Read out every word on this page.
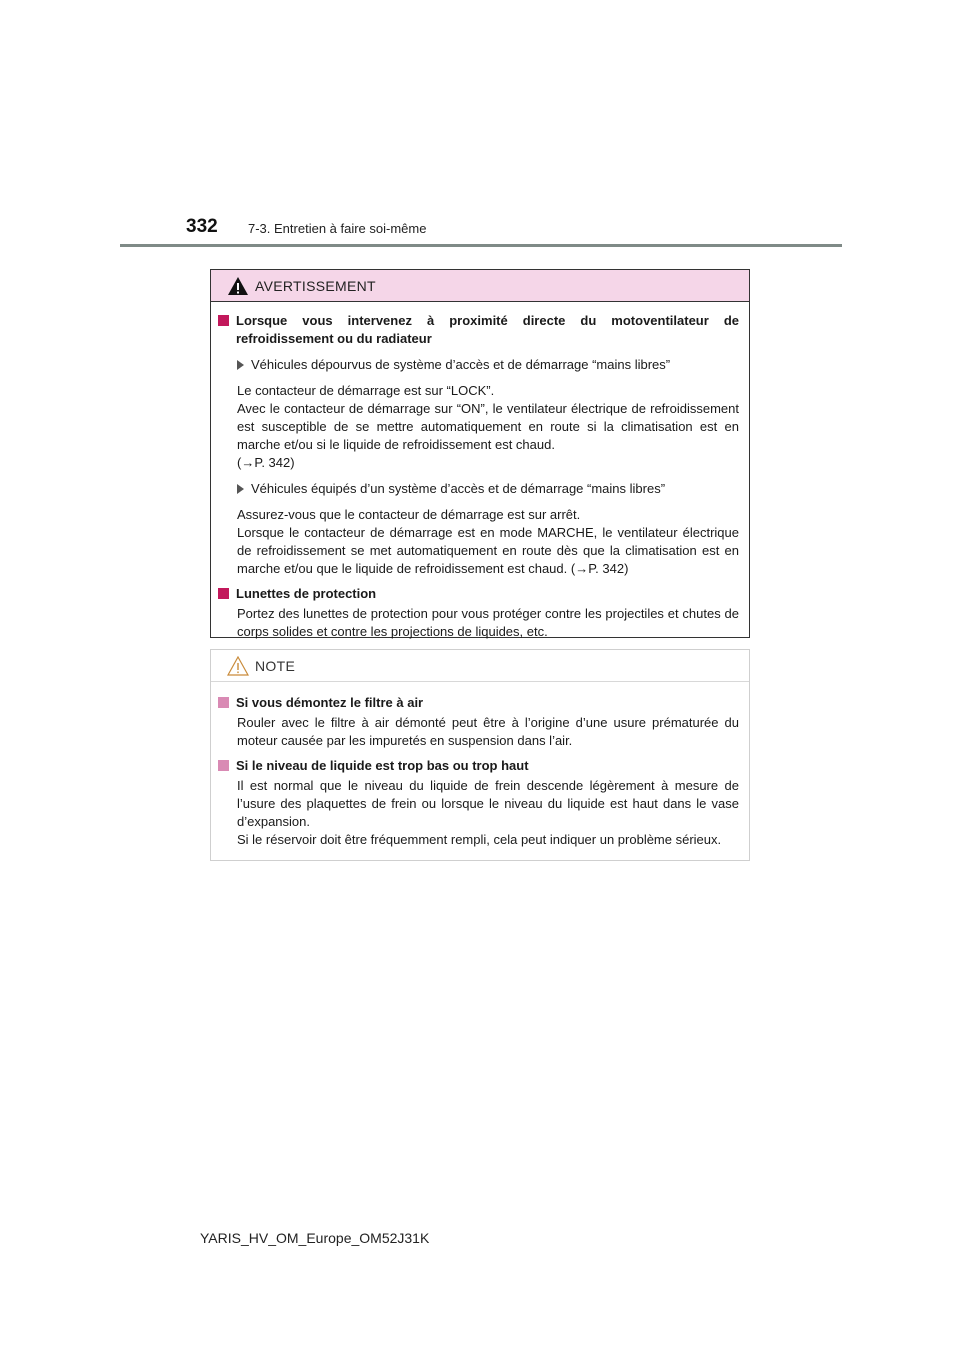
332 7-3. Entretien à faire soi-même
AVERTISSEMENT
Lorsque vous intervenez à proximité directe du motoventilateur de refroidissement ou du radiateur
Véhicules dépourvus de système d’accès et de démarrage “mains libres”
Le contacteur de démarrage est sur “LOCK”.
Avec le contacteur de démarrage sur “ON”, le ventilateur électrique de refroidissement est susceptible de se mettre automatiquement en route si la climatisation est en marche et/ou si le liquide de refroidissement est chaud.
(→P. 342)
Véhicules équipés d’un système d’accès et de démarrage “mains libres”
Assurez-vous que le contacteur de démarrage est sur arrêt.
Lorsque le contacteur de démarrage est en mode MARCHE, le ventilateur électrique de refroidissement se met automatiquement en route dès que la climatisation est en marche et/ou que le liquide de refroidissement est chaud. (→P. 342)
Lunettes de protection
Portez des lunettes de protection pour vous protéger contre les projectiles et chutes de corps solides et contre les projections de liquides, etc.
NOTE
Si vous démontez le filtre à air
Rouler avec le filtre à air démonté peut être à l’origine d’une usure prématurée du moteur causée par les impuretés en suspension dans l’air.
Si le niveau de liquide est trop bas ou trop haut
Il est normal que le niveau du liquide de frein descende légèrement à mesure de l’usure des plaquettes de frein ou lorsque le niveau du liquide est haut dans le vase d’expansion.
Si le réservoir doit être fréquemment rempli, cela peut indiquer un problème sérieux.
YARIS_HV_OM_Europe_OM52J31K
